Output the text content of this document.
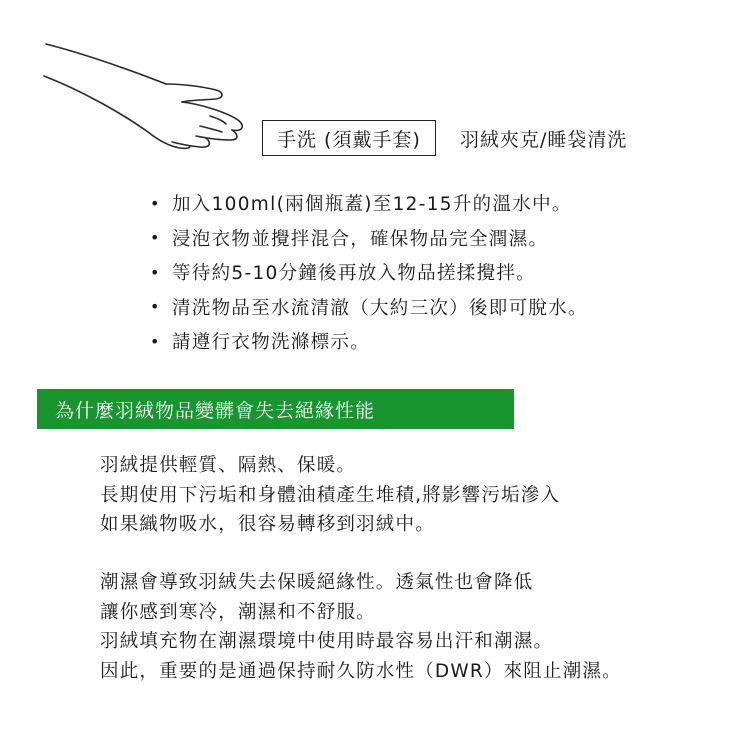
手洗 (須戴手套) 羽絨夾克/睡袋清洗
• 加入100ml(兩個瓶蓋)至12-15升的溫水中。
• 浸泡衣物並攪拌混合，確保物品完全潤濕。
• 等待約5-10分鐘後再放入物品搓揉攪拌。
• 清洗物品至水流清澈（大約三次）後即可脫水。
• 請遵行衣物洗滌標示。
為什麼羽絨物品變髒會失去絕緣性能

羽絨提供輕質、隔熱、保暖。
長期使用下污垢和身體油積產生堆積,將影響污垢滲入
如果織物吸水，很容易轉移到羽絨中。

潮濕會導致羽絨失去保暖絕緣性。透氣性也會降低
讓你感到寒冷，潮濕和不舒服。
羽絨填充物在潮濕環境中使用時最容易出汗和潮濕。
因此，重要的是通過保持耐久防水性（DWR）來阻止潮濕。
